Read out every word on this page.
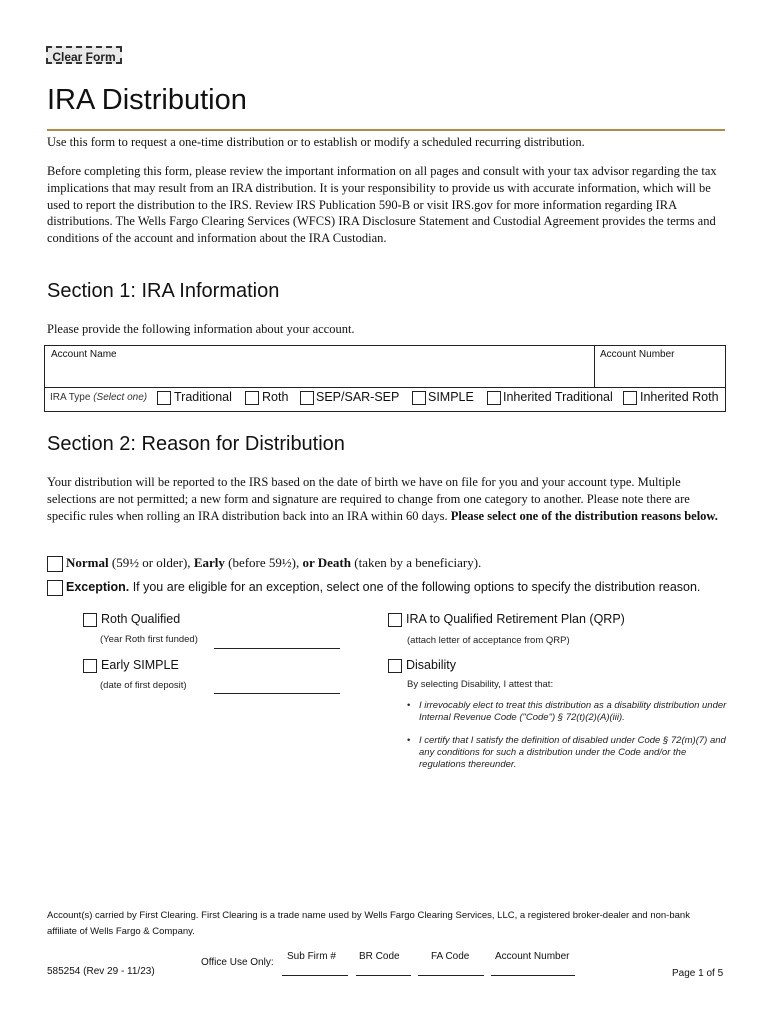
Clear Form
IRA Distribution

Use this form to request a one-time distribution or to establish or modify a scheduled recurring distribution.

Before completing this form, please review the important information on all pages and consult with your tax advisor regarding the tax implications that may result from an IRA distribution. It is your responsibility to provide us with accurate information, which will be used to report the distribution to the IRS. Review IRS Publication 590-B or visit IRS.gov for more information regarding IRA distributions. The Wells Fargo Clearing Services (WFCS) IRA Disclosure Statement and Custodial Agreement provides the terms and conditions of the account and information about the IRA Custodian.

Section 1: IRA Information

Please provide the following information about your account.

Account Name	Account Number
IRA Type (Select one) Traditional Roth SEP/SAR-SEP SIMPLE Inherited Traditional Inherited Roth
Section 2: Reason for Distribution

Your distribution will be reported to the IRS based on the date of birth we have on file for you and your account type. Multiple selections are not permitted; a new form and signature are required to change from one category to another. Please note there are specific rules when rolling an IRA distribution back into an IRA within 60 days. Please select one of the distribution reasons below.

Normal (59½ or older), Early (before 59½), or Death (taken by a beneficiary).
Exception. If you are eligible for an exception, select one of the following options to specify the distribution reason.
Roth Qualified
(Year Roth first funded)
Early SIMPLE
(date of first deposit)
IRA to Qualified Retirement Plan (QRP)
(attach letter of acceptance from QRP)
Disability
By selecting Disability, I attest that:
• I irrevocably elect to treat this distribution as a disability distribution under Internal Revenue Code ("Code") § 72(t)(2)(A)(iii).
• I certify that I satisfy the definition of disabled under Code § 72(m)(7) and any conditions for such a distribution under the Code and/or the regulations thereunder.

Account(s) carried by First Clearing. First Clearing is a trade name used by Wells Fargo Clearing Services, LLC, a registered broker-dealer and non-bank affiliate of Wells Fargo & Company.

Office Use Only:
Sub Firm # BR Code	FA Code	Account Number
585254 (Rev 29 - 11/23)	Page 1 of 5
